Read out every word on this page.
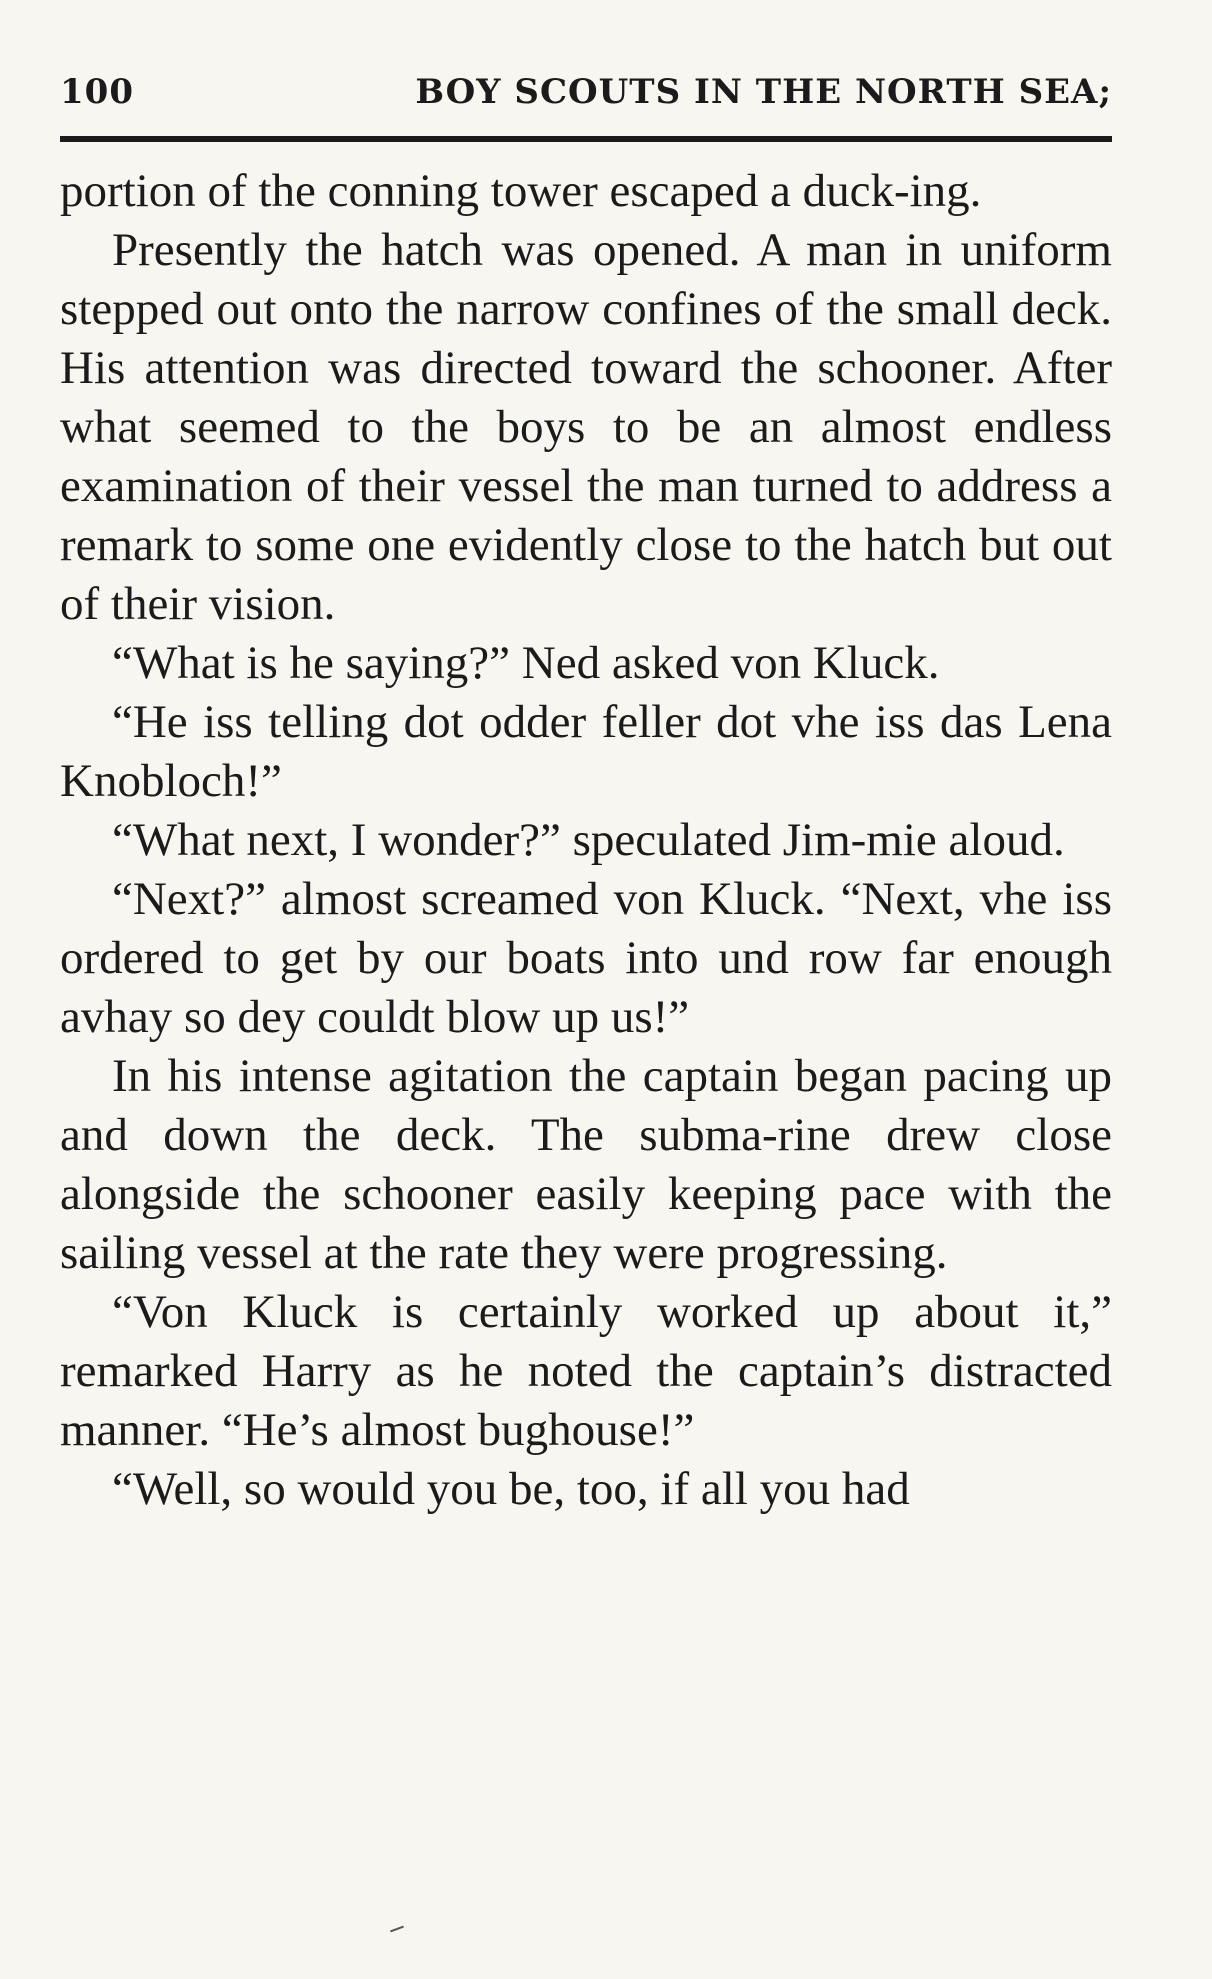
100	BOY SCOUTS IN THE NORTH SEA;

portion of the conning tower escaped a duck-ing.

Presently the hatch was opened. A man in uniform stepped out onto the narrow confines of the small deck. His attention was directed toward the schooner. After what seemed to the boys to be an almost endless examination of their vessel the man turned to address a remark to some one evidently close to the hatch but out of their vision.

“What is he saying?” Ned asked von Kluck.

“He iss telling dot odder feller dot vhe iss das Lena Knobloch!”

“What next, I wonder?” speculated Jim-mie aloud.

“Next?” almost screamed von Kluck. “Next, vhe iss ordered to get by our boats into und row far enough avhay so dey couldt blow up us!”

In his intense agitation the captain began pacing up and down the deck. The subma-rine drew close alongside the schooner easily keeping pace with the sailing vessel at the rate they were progressing.

“Von Kluck is certainly worked up about it,” remarked Harry as he noted the captain’s distracted manner. “He’s almost bughouse!”

“Well, so would you be, too, if all you had
